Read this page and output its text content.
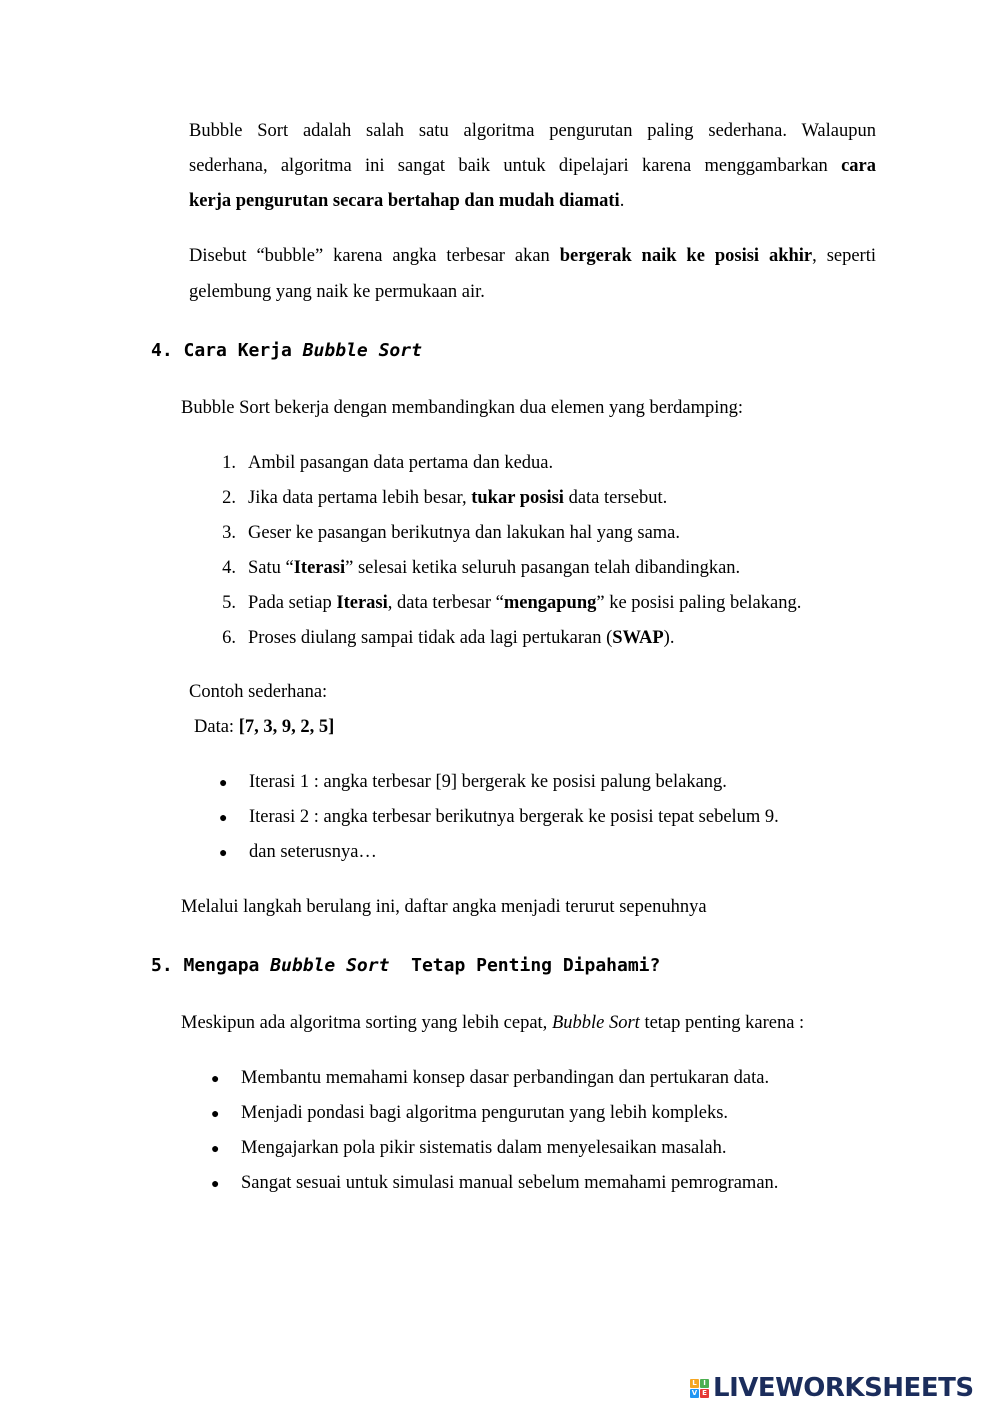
Bubble Sort adalah salah satu algoritma pengurutan paling sederhana. Walaupun
sederhana, algoritma ini sangat baik untuk dipelajari karena menggambarkan cara
kerja pengurutan secara bertahap dan mudah diamati.
Disebut “bubble” karena angka terbesar akan bergerak naik ke posisi akhir, seperti
gelembung yang naik ke permukaan air.
4. Cara Kerja Bubble Sort
Bubble Sort bekerja dengan membandingkan dua elemen yang berdamping:
1. Ambil pasangan data pertama dan kedua.
2. Jika data pertama lebih besar, tukar posisi data tersebut.
3. Geser ke pasangan berikutnya dan lakukan hal yang sama.
4. Satu “Iterasi” selesai ketika seluruh pasangan telah dibandingkan.
5. Pada setiap Iterasi, data terbesar “mengapung” ke posisi paling belakang.
6. Proses diulang sampai tidak ada lagi pertukaran (SWAP).
Contoh sederhana:
Data: [7, 3, 9, 2, 5]
● Iterasi 1 : angka terbesar [9] bergerak ke posisi palung belakang.
● Iterasi 2 : angka terbesar berikutnya bergerak ke posisi tepat sebelum 9.
● dan seterusnya…
Melalui langkah berulang ini, daftar angka menjadi terurut sepenuhnya
5. Mengapa Bubble Sort  Tetap Penting Dipahami?
Meskipun ada algoritma sorting yang lebih cepat, Bubble Sort tetap penting karena :
● Membantu memahami konsep dasar perbandingan dan pertukaran data.
● Menjadi pondasi bagi algoritma pengurutan yang lebih kompleks.
● Mengajarkan pola pikir sistematis dalam menyelesaikan masalah.
● Sangat sesuai untuk simulasi manual sebelum memahami pemrograman.
L I
V E LIVEWORKSHEETS
